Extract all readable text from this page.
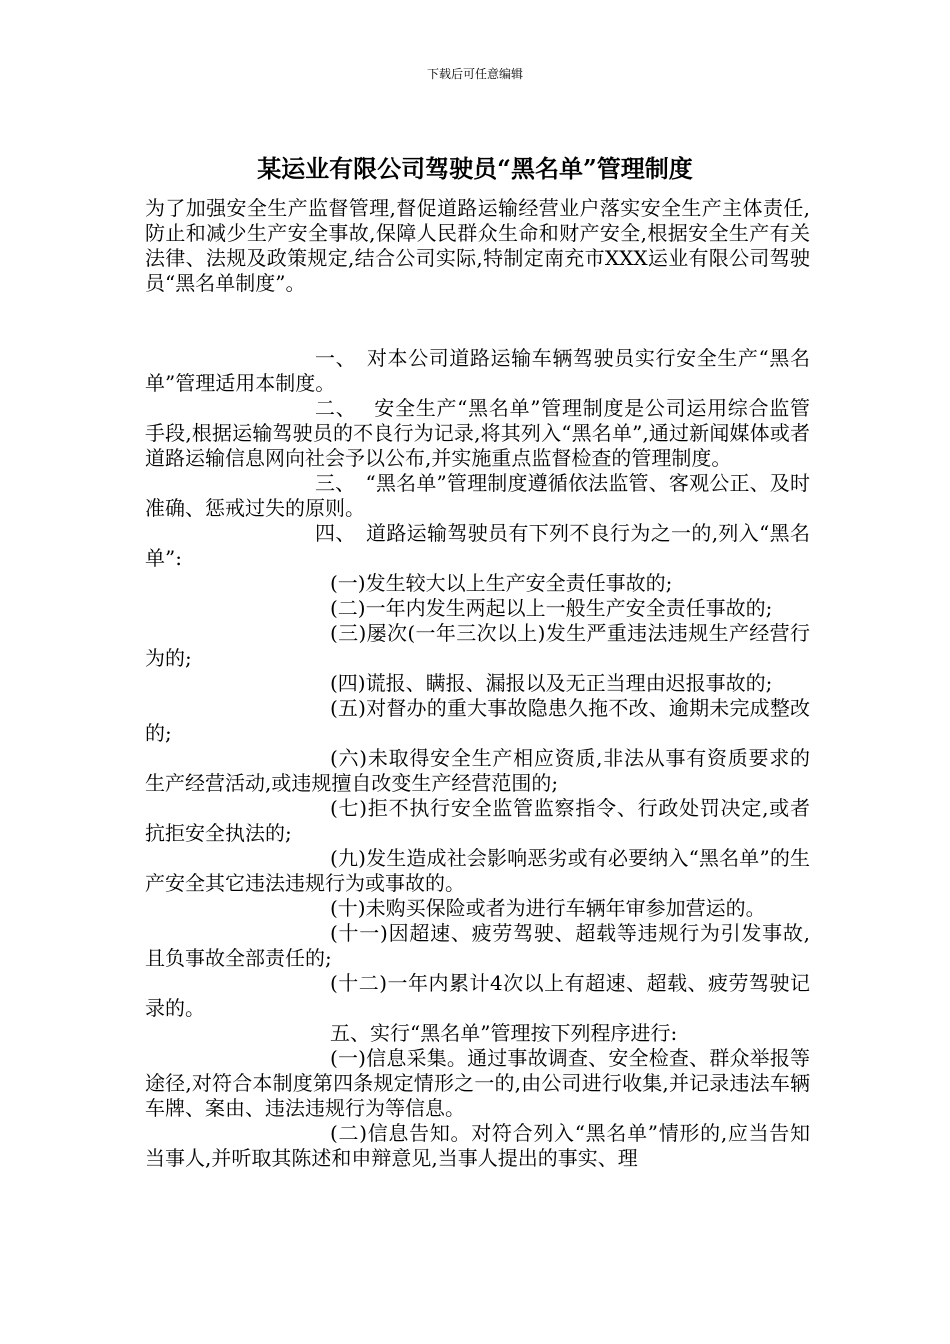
下载后可任意编辑
某运业有限公司驾驶员“黑名单”管理制度

为了加强安全生产监督管理,督促道路运输经营业户落实安全生产主体责任,防止和减少生产安全事故,保障人民群众生命和财产安全,根据安全生产有关法律、法规及政策规定,结合公司实际,特制定南充市XXX运业有限公司驾驶员“黑名单制度”。

一、　对本公司道路运输车辆驾驶员实行安全生产“黑名单”管理适用本制度。

二、　 安全生产“黑名单”管理制度是公司运用综合监管手段,根据运输驾驶员的不良行为记录,将其列入“黑名单”,通过新闻媒体或者道路运输信息网向社会予以公布,并实施重点监督检查的管理制度。

三、　“黑名单”管理制度遵循依法监管、客观公正、及时准确、惩戒过失的原则。

四、　道路运输驾驶员有下列不良行为之一的,列入“黑名单”:

(一)发生较大以上生产安全责任事故的;

(二)一年内发生两起以上一般生产安全责任事故的;

(三)屡次(一年三次以上)发生严重违法违规生产经营行为的;

(四)谎报、瞒报、漏报以及无正当理由迟报事故的;

(五)对督办的重大事故隐患久拖不改、逾期未完成整改的;

(六)未取得安全生产相应资质,非法从事有资质要求的生产经营活动,或违规擅自改变生产经营范围的;

(七)拒不执行安全监管监察指令、行政处罚决定,或者抗拒安全执法的;

(九)发生造成社会影响恶劣或有必要纳入“黑名单”的生产安全其它违法违规行为或事故的。

(十)未购买保险或者为进行车辆年审参加营运的。

(十一)因超速、疲劳驾驶、超载等违规行为引发事故,且负事故全部责任的;

(十二)一年内累计4次以上有超速、超载、疲劳驾驶记录的。

五、实行“黑名单”管理按下列程序进行:

(一)信息采集。通过事故调查、安全检查、群众举报等途径,对符合本制度第四条规定情形之一的,由公司进行收集,并记录违法车辆车牌、案由、违法违规行为等信息。

(二)信息告知。对符合列入“黑名单”情形的,应当告知当事人,并听取其陈述和申辩意见,当事人提出的事实、理
